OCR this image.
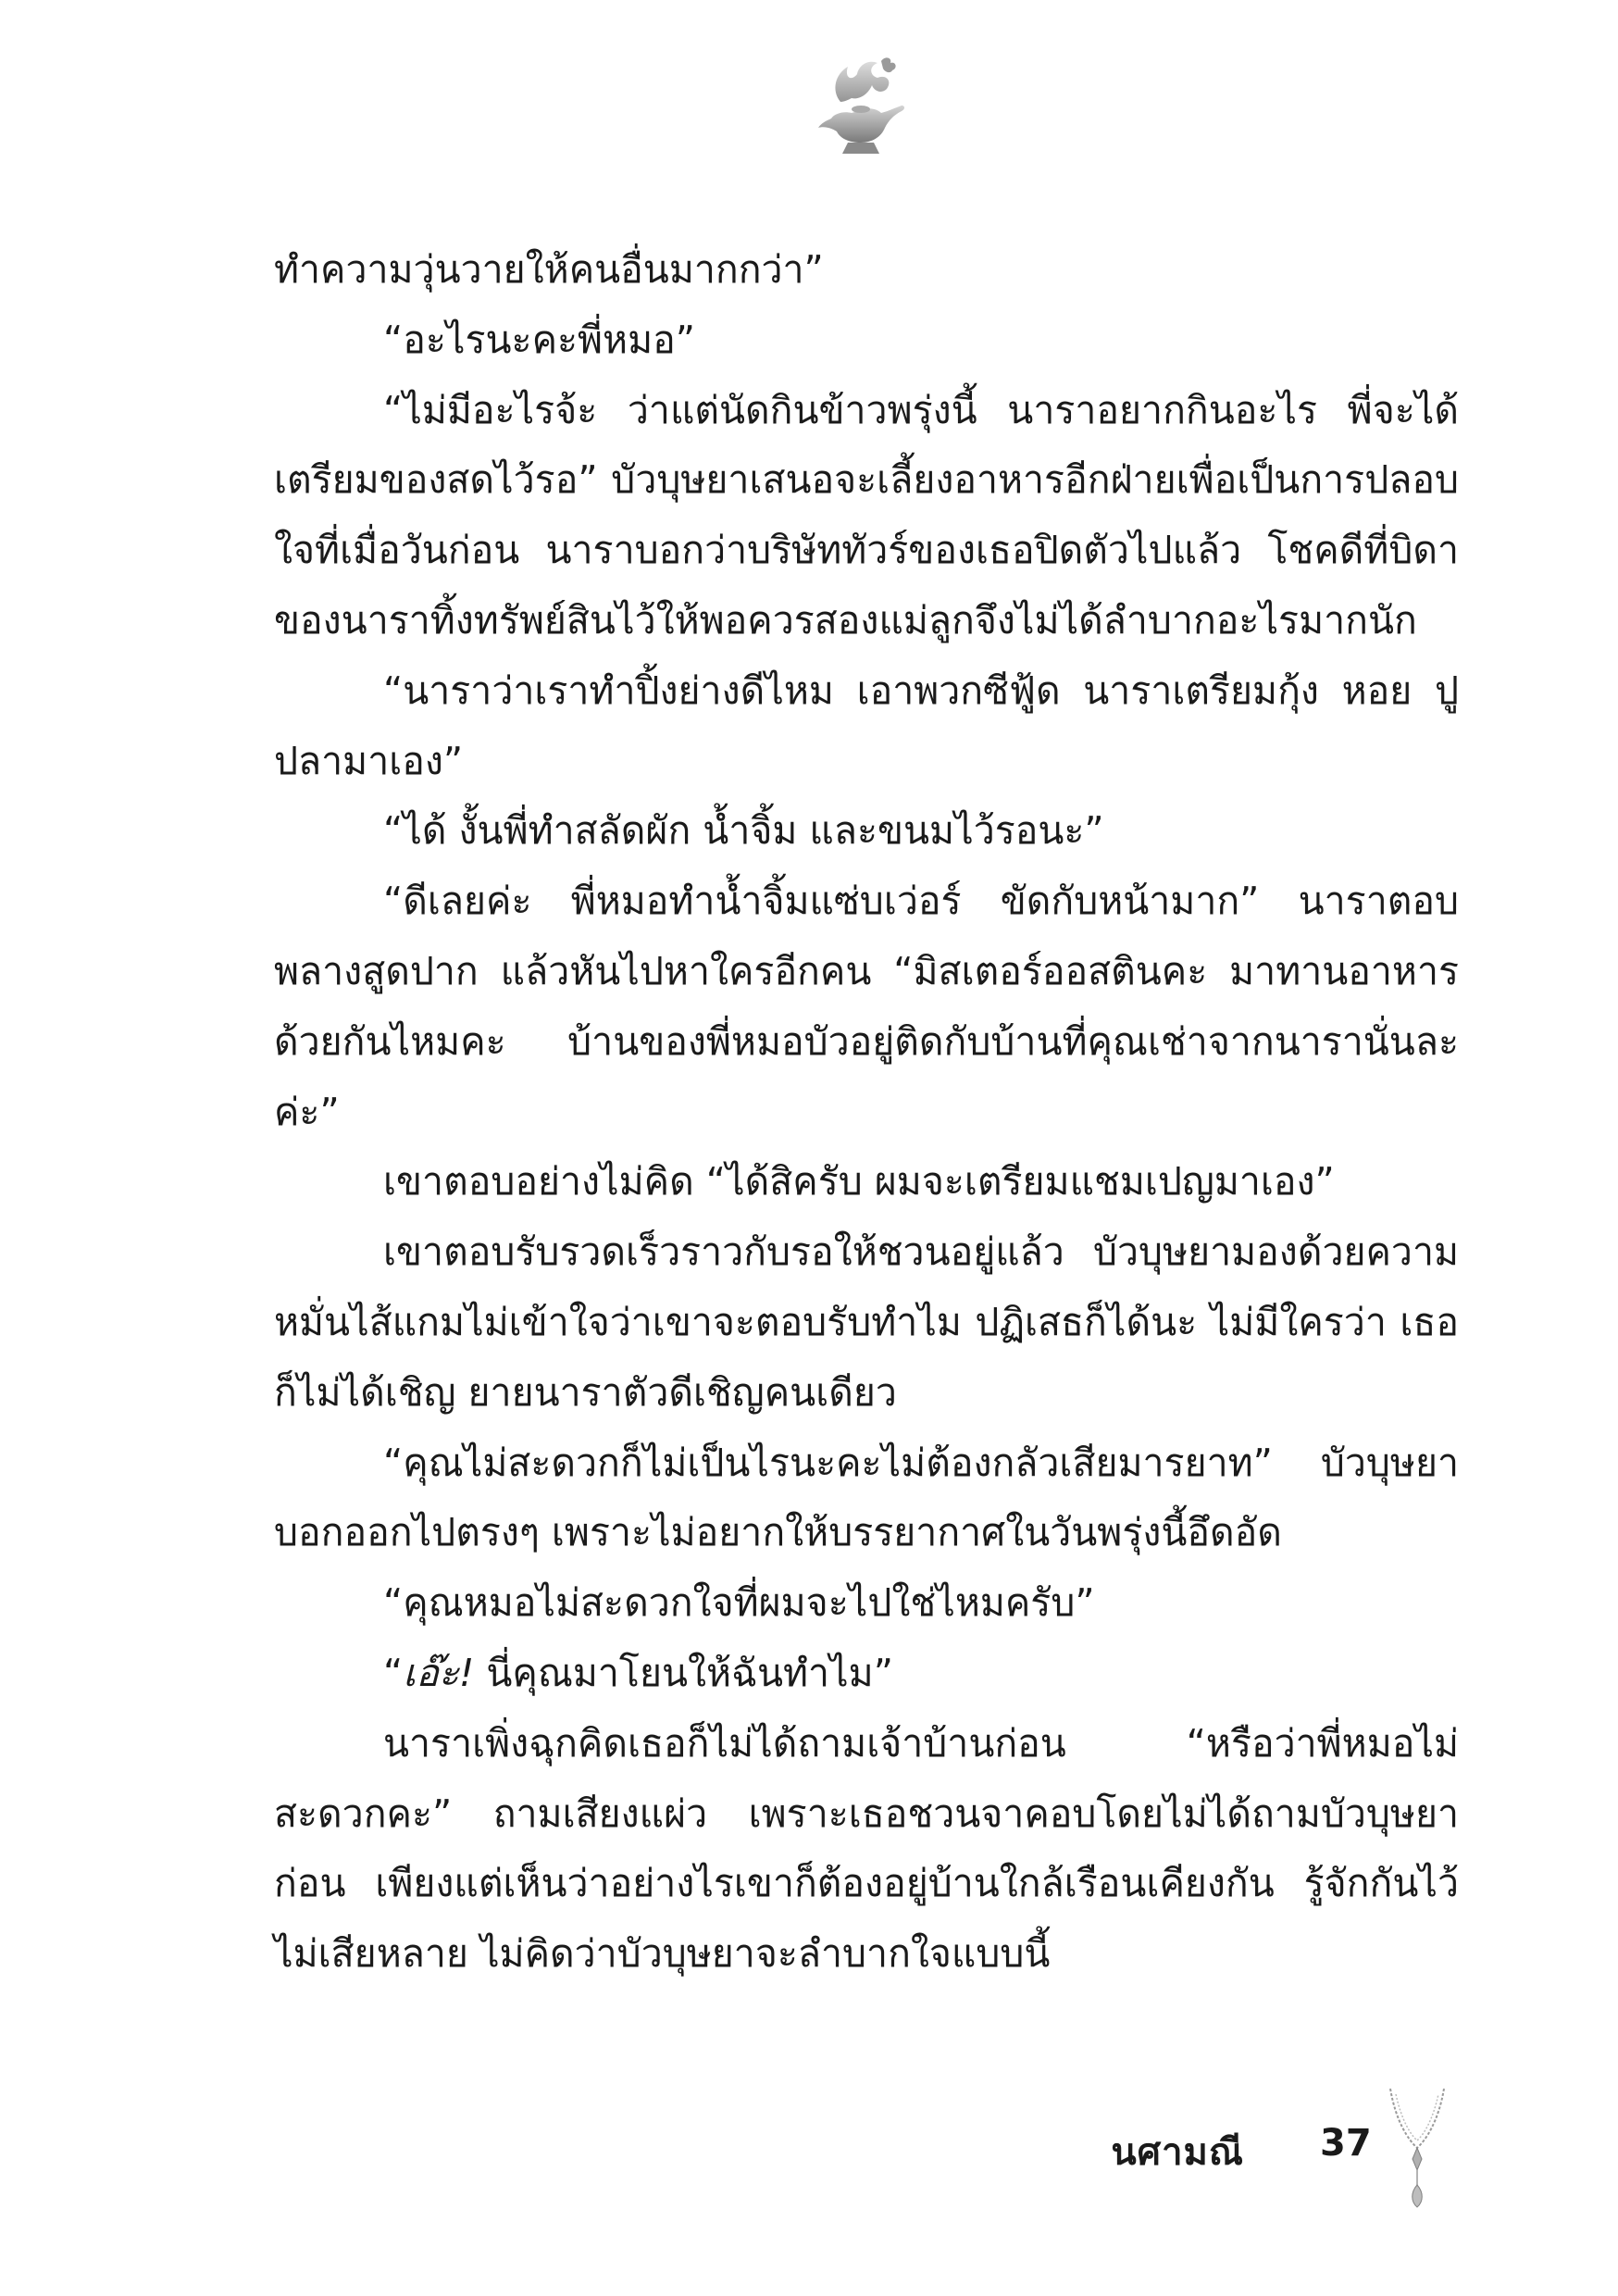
ทำความวุ่นวายให้คนอื่นมากกว่า”

“อะไรนะคะพี่หมอ”

“ไม่มีอะไรจ้ะ ว่าแต่นัดกินข้าวพรุ่งนี้ นาราอยากกินอะไร พี่จะได้เตรียมของสดไว้รอ” บัวบุษยาเสนอจะเลี้ยงอาหารอีกฝ่ายเพื่อเป็นการปลอบใจที่เมื่อวันก่อน นาราบอกว่าบริษัททัวร์ของเธอปิดตัวไปแล้ว โชคดีที่บิดาของนาราทิ้งทรัพย์สินไว้ให้พอควรสองแม่ลูกจึงไม่ได้ลำบากอะไรมากนัก

“นาราว่าเราทำปิ้งย่างดีไหม เอาพวกซีฟู้ด นาราเตรียมกุ้ง หอย ปูปลามาเอง”

“ได้ งั้นพี่ทำสลัดผัก น้ำจิ้ม และขนมไว้รอนะ”

“ดีเลยค่ะ พี่หมอทำน้ำจิ้มแซ่บเว่อร์ ขัดกับหน้ามาก” นาราตอบพลางสูดปาก แล้วหันไปหาใครอีกคน “มิสเตอร์ออสตินคะ มาทานอาหารด้วยกันไหมคะ บ้านของพี่หมอบัวอยู่ติดกับบ้านที่คุณเช่าจากนารานั่นละค่ะ”

เขาตอบอย่างไม่คิด “ได้สิครับ ผมจะเตรียมแชมเปญมาเอง”

เขาตอบรับรวดเร็วราวกับรอให้ชวนอยู่แล้ว บัวบุษยามองด้วยความหมั่นไส้แกมไม่เข้าใจว่าเขาจะตอบรับทำไม ปฏิเสธก็ได้นะ ไม่มีใครว่า เธอก็ไม่ได้เชิญ ยายนาราตัวดีเชิญคนเดียว

“คุณไม่สะดวกก็ไม่เป็นไรนะคะไม่ต้องกลัวเสียมารยาท” บัวบุษยาบอกออกไปตรงๆ เพราะไม่อยากให้บรรยากาศในวันพรุ่งนี้อึดอัด

“คุณหมอไม่สะดวกใจที่ผมจะไปใช่ไหมครับ”

“เอ๊ะ! นี่คุณมาโยนให้ฉันทำไม”

นาราเพิ่งฉุกคิดเธอก็ไม่ได้ถามเจ้าบ้านก่อน “หรือว่าพี่หมอไม่สะดวกคะ” ถามเสียงแผ่ว เพราะเธอชวนจาคอบโดยไม่ได้ถามบัวบุษยาก่อน เพียงแต่เห็นว่าอย่างไรเขาก็ต้องอยู่บ้านใกล้เรือนเคียงกัน รู้จักกันไว้ไม่เสียหลาย ไม่คิดว่าบัวบุษยาจะลำบากใจแบบนี้

นศามณี 37
